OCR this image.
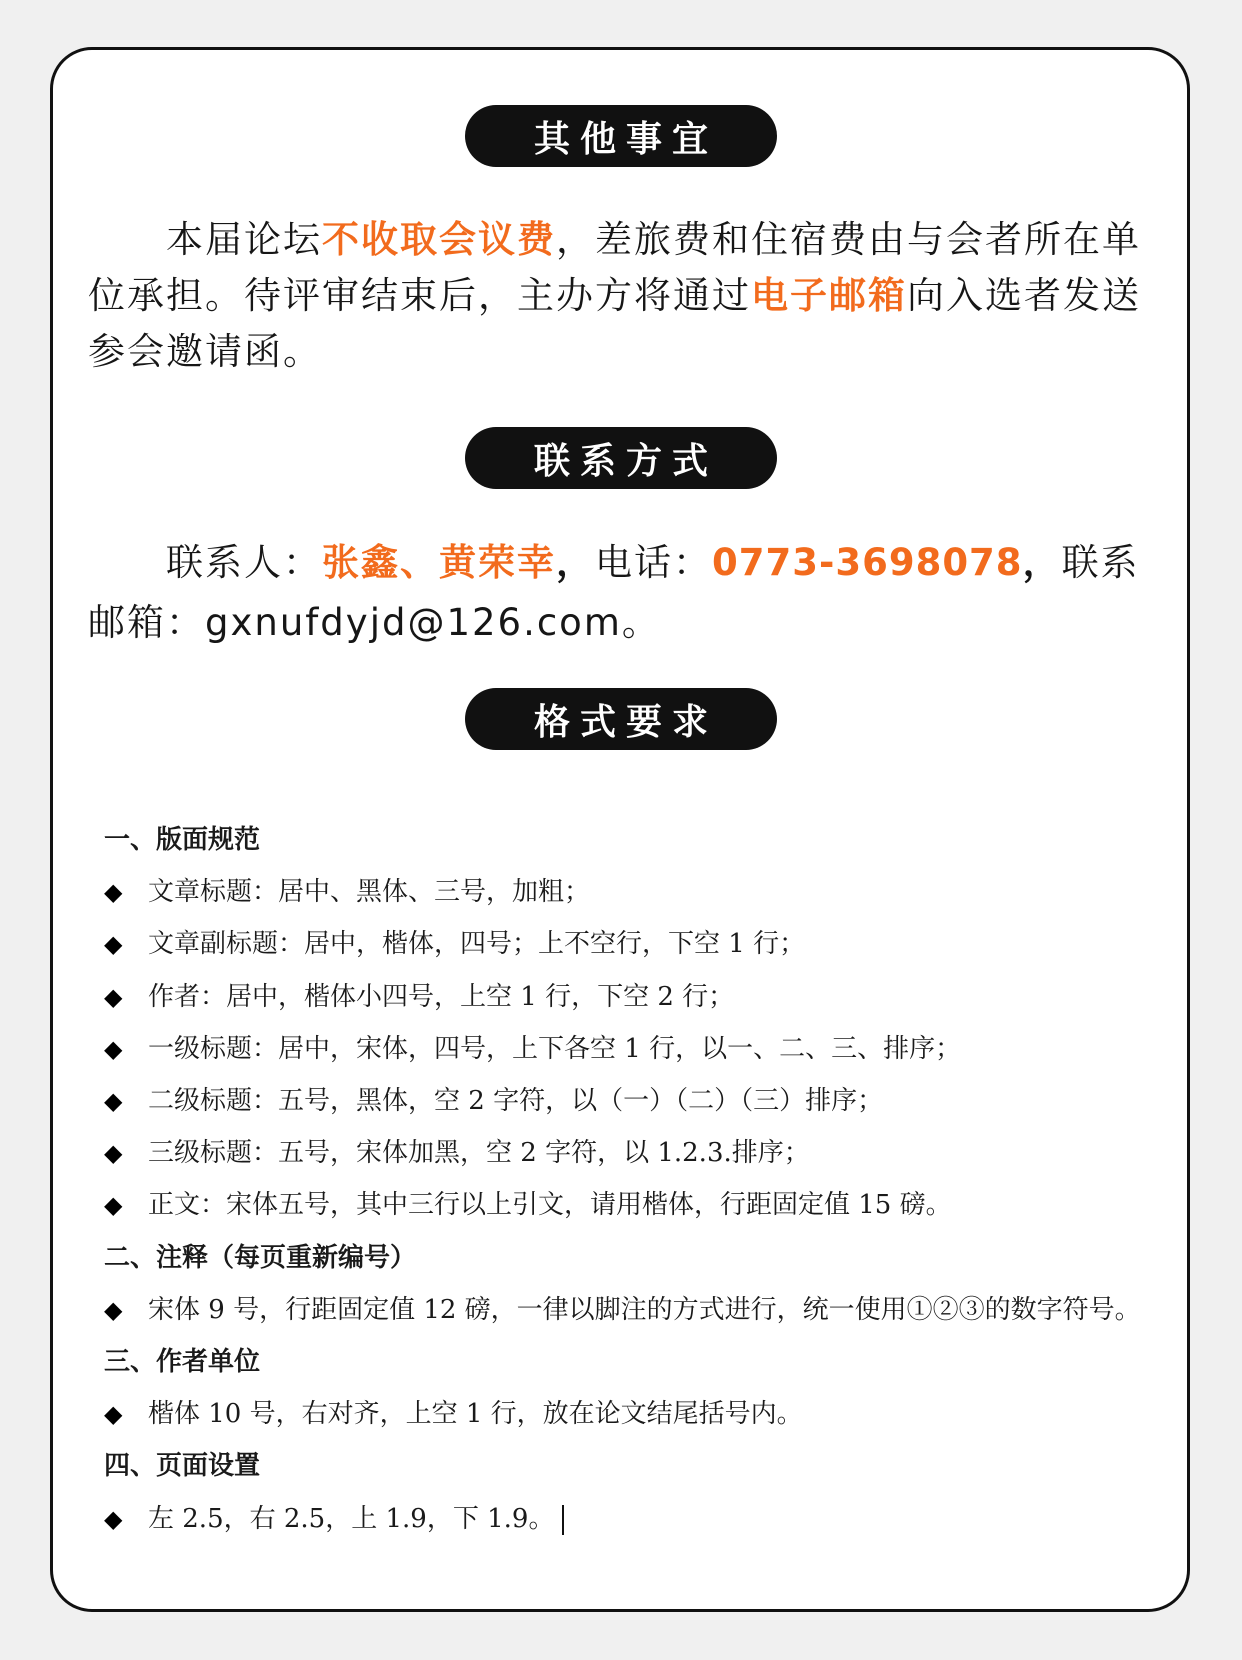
其他事宜
本届论坛不收取会议费，差旅费和住宿费由与会者所在单
位承担。待评审结束后，主办方将通过电子邮箱向入选者发送
参会邀请函。
联系方式
联系人：张鑫、黄荣幸，电话：0773-3698078，联系
邮箱：gxnufdyjd@126.com。
格式要求
一、版面规范
◆ 文章标题：居中、黑体、三号，加粗；
◆ 文章副标题：居中，楷体，四号；上不空行，下空 1 行；
◆ 作者：居中，楷体小四号，上空 1 行，下空 2 行；
◆ 一级标题：居中，宋体，四号，上下各空 1 行，以一、二、三、排序；
◆ 二级标题：五号，黑体，空 2 字符，以（一）（二）（三）排序；
◆ 三级标题：五号，宋体加黑，空 2 字符，以 1.2.3.排序；
◆ 正文：宋体五号，其中三行以上引文，请用楷体，行距固定值 15 磅。
二、注释（每页重新编号）
◆ 宋体 9 号，行距固定值 12 磅，一律以脚注的方式进行，统一使用①②③的数字符号。
三、作者单位
◆ 楷体 10 号，右对齐，上空 1 行，放在论文结尾括号内。
四、页面设置
◆ 左 2.5，右 2.5，上 1.9，下 1.9。
